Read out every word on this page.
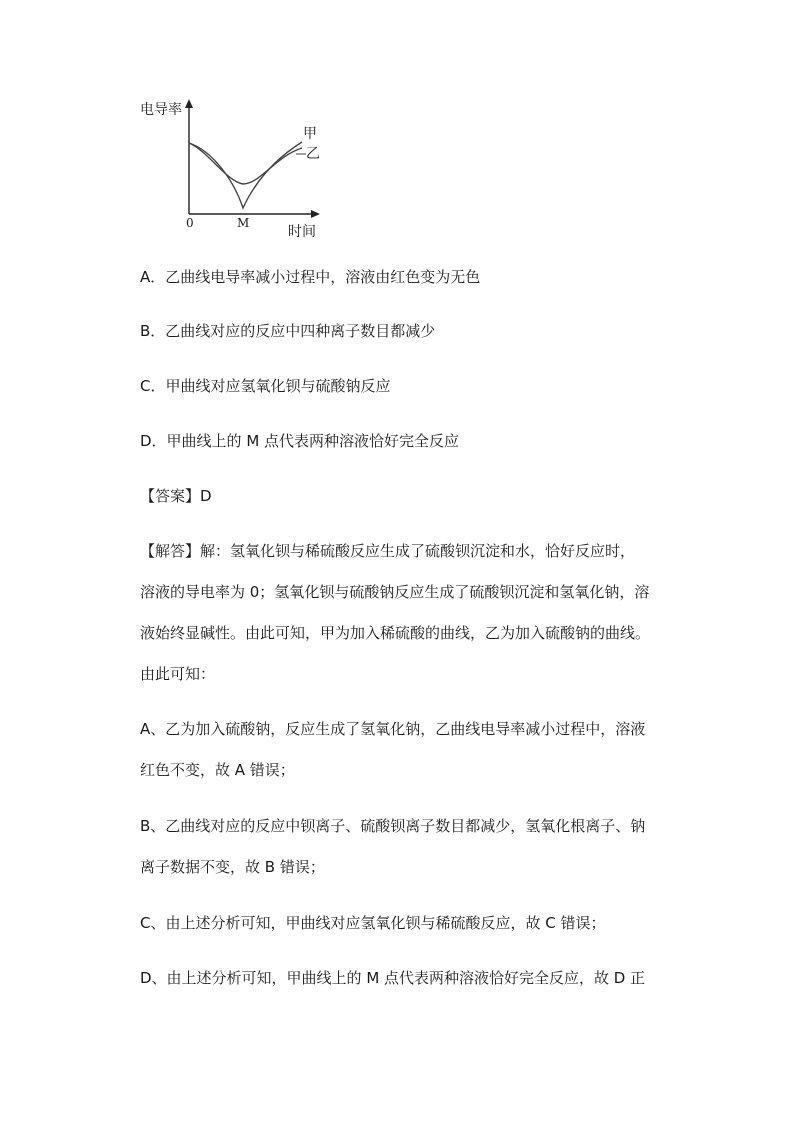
电导率
时间
0	M
甲
乙
A．乙曲线电导率减小过程中，溶液由红色变为无色
B．乙曲线对应的反应中四种离子数目都减少
C．甲曲线对应氢氧化钡与硫酸钠反应
D．甲曲线上的 M 点代表两种溶液恰好完全反应
【答案】D
【解答】解：氢氧化钡与稀硫酸反应生成了硫酸钡沉淀和水，恰好反应时，
溶液的导电率为 0；氢氧化钡与硫酸钠反应生成了硫酸钡沉淀和氢氧化钠，溶
液始终显碱性。由此可知，甲为加入稀硫酸的曲线，乙为加入硫酸钠的曲线。
由此可知：
A、乙为加入硫酸钠，反应生成了氢氧化钠，乙曲线电导率减小过程中，溶液
红色不变，故 A 错误；
B、乙曲线对应的反应中钡离子、硫酸钡离子数目都减少，氢氧化根离子、钠
离子数据不变，故 B 错误；
C、由上述分析可知，甲曲线对应氢氧化钡与稀硫酸反应，故 C 错误；
D、由上述分析可知，甲曲线上的 M 点代表两种溶液恰好完全反应，故 D 正
